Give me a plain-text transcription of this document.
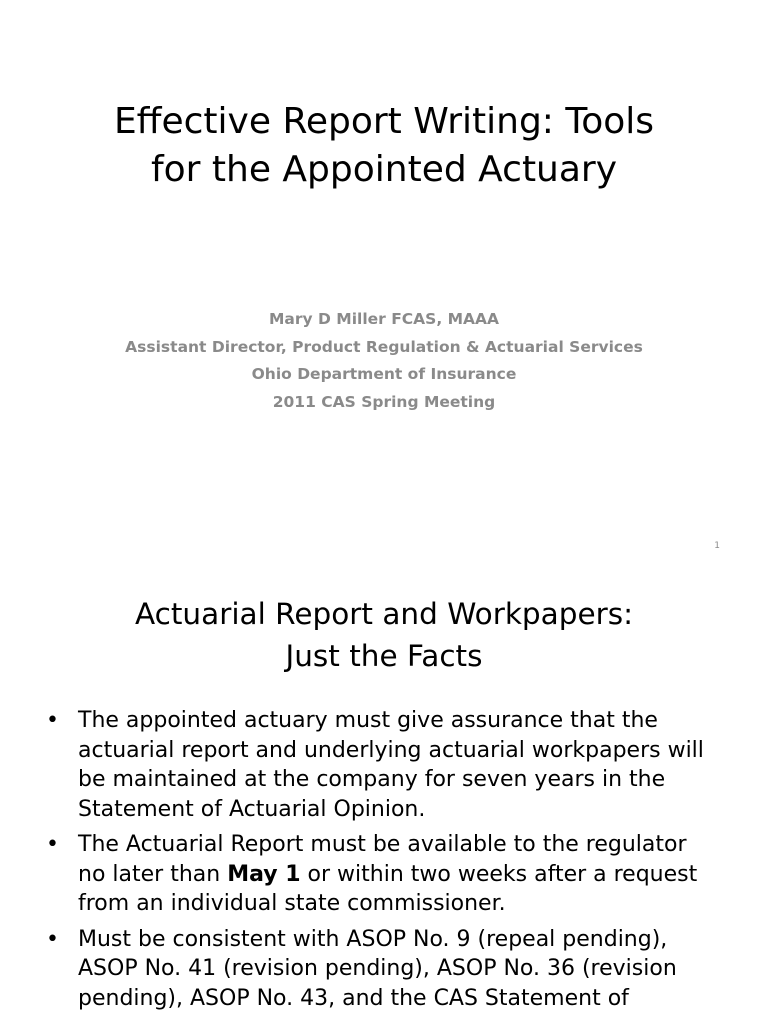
Effective Report Writing: Tools
for the Appointed Actuary
Mary D Miller FCAS, MAAA
Assistant Director, Product Regulation & Actuarial Services
Ohio Department of Insurance
2011 CAS Spring Meeting
1
Actuarial Report and Workpapers:
Just the Facts
• The appointed actuary must give assurance that the
actuarial report and underlying actuarial workpapers will
be maintained at the company for seven years in the
Statement of Actuarial Opinion.
• The Actuarial Report must be available to the regulator
no later than May 1 or within two weeks after a request
from an individual state commissioner.
• Must be consistent with ASOP No. 9 (repeal pending),
ASOP No. 41 (revision pending), ASOP No. 36 (revision
pending), ASOP No. 43, and the CAS Statement of
